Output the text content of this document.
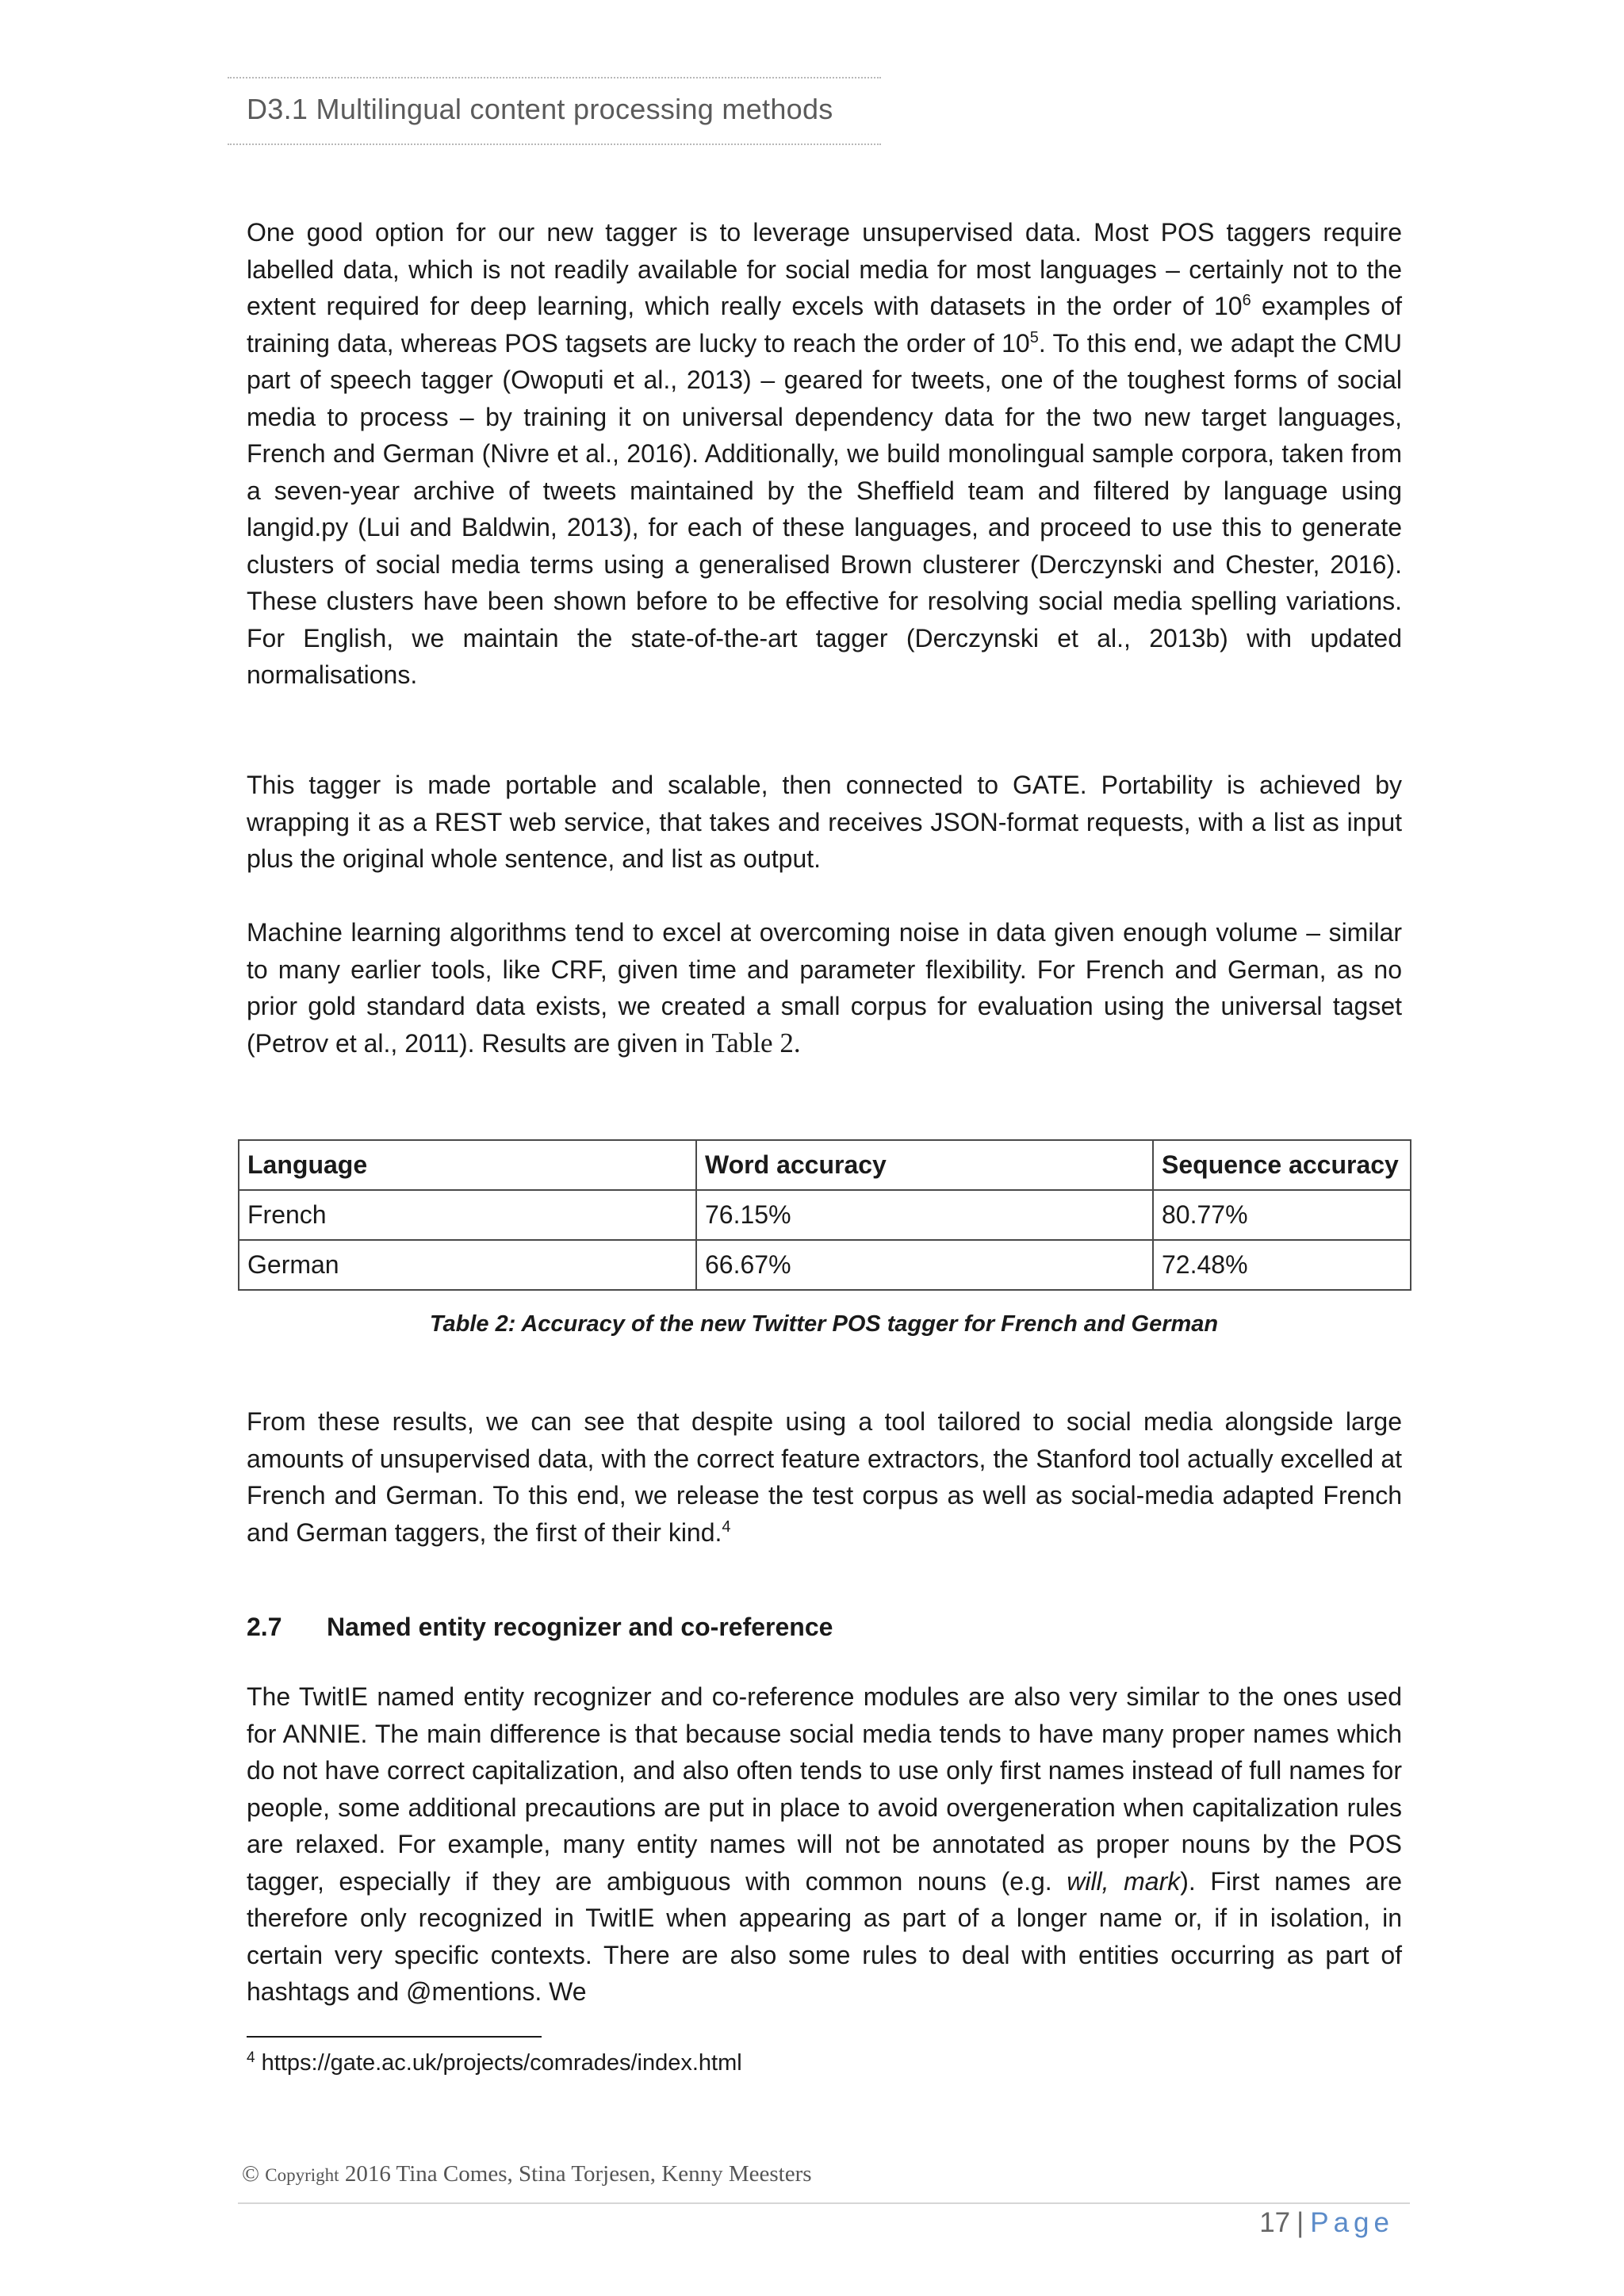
D3.1 Multilingual content processing methods

One good option for our new tagger is to leverage unsupervised data. Most POS taggers require labelled data, which is not readily available for social media for most languages – certainly not to the extent required for deep learning, which really excels with datasets in the order of $10^6$ examples of training data, whereas POS tagsets are lucky to reach the order of $10^5$. To this end, we adapt the CMU part of speech tagger (Owoputi et al., 2013) – geared for tweets, one of the toughest forms of social media to process – by training it on universal dependency data for the two new target languages, French and German (Nivre et al., 2016). Additionally, we build monolingual sample corpora, taken from a seven-year archive of tweets maintained by the Sheffield team and filtered by language using langid.py (Lui and Baldwin, 2013), for each of these languages, and proceed to use this to generate clusters of social media terms using a generalised Brown clusterer (Derczynski and Chester, 2016). These clusters have been shown before to be effective for resolving social media spelling variations. For English, we maintain the state-of-the-art tagger (Derczynski et al., 2013b) with updated normalisations.

This tagger is made portable and scalable, then connected to GATE. Portability is achieved by wrapping it as a REST web service, that takes and receives JSON-format requests, with a list as input plus the original whole sentence, and list as output.

Machine learning algorithms tend to excel at overcoming noise in data given enough volume – similar to many earlier tools, like CRF, given time and parameter flexibility. For French and German, as no prior gold standard data exists, we created a small corpus for evaluation using the universal tagset (Petrov et al., 2011). Results are given in Table 2.

Language	Word accuracy	Sequence accuracy
French	76.15%	80.77%
German	66.67%	72.48%
Table 2: Accuracy of the new Twitter POS tagger for French and German

From these results, we can see that despite using a tool tailored to social media alongside large amounts of unsupervised data, with the correct feature extractors, the Stanford tool actually excelled at French and German. To this end, we release the test corpus as well as social-media adapted French and German taggers, the first of their kind.$^4$

2.7 Named entity recognizer and co-reference

The TwitIE named entity recognizer and co-reference modules are also very similar to the ones used for ANNIE. The main difference is that because social media tends to have many proper names which do not have correct capitalization, and also often tends to use only first names instead of full names for people, some additional precautions are put in place to avoid overgeneration when capitalization rules are relaxed. For example, many entity names will not be annotated as proper nouns by the POS tagger, especially if they are ambiguous with common nouns (e.g. will, mark). First names are therefore only recognized in TwitIE when appearing as part of a longer name or, if in isolation, in certain very specific contexts. There are also some rules to deal with entities occurring as part of hashtags and @mentions. We

$^4$ https://gate.ac.uk/projects/comrades/index.html
© Copyright 2016 Tina Comes, Stina Torjesen, Kenny Meesters
17 | Page
